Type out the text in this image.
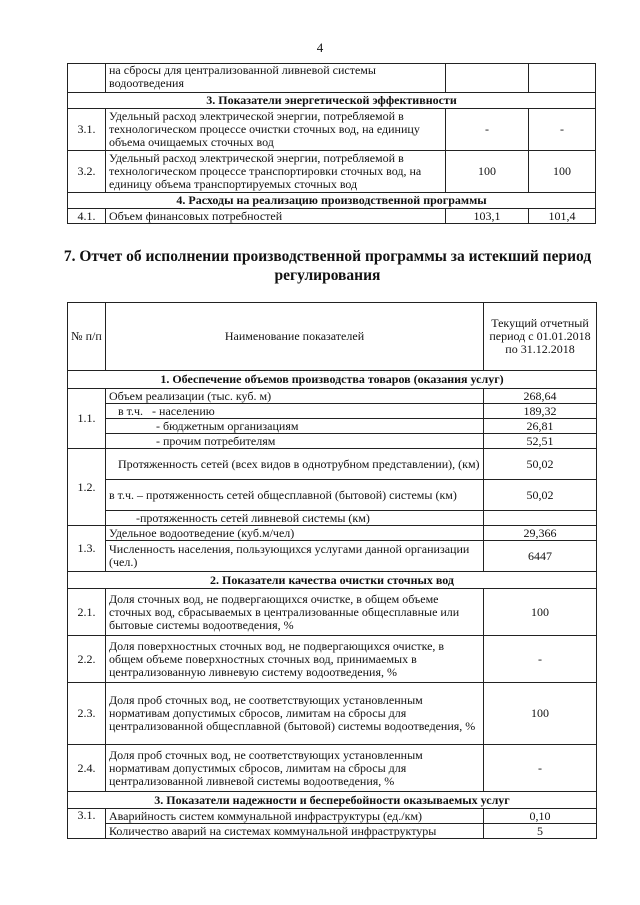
4
	на сбросы для централизованной ливневой системы водоотведения		
3. Показатели энергетической эффективности			
3.1.	Удельный расход электрической энергии, потребляемой в технологическом процессе очистки сточных вод, на единицу объема очищаемых сточных вод	-	-
3.2.	Удельный расход электрической энергии, потребляемой в технологическом процессе транспортировки сточных вод, на единицу объема транспортируемых сточных вод	100	100
4. Расходы на реализацию производственной программы			
4.1.	Объем финансовых потребностей	103,1	101,4
7. Отчет об исполнении производственной программы за истекший период регулирования
№ п/п	Наименование показателей	Текущий отчетный период с 01.01.2018 по 31.12.2018
1. Обеспечение объемов производства товаров (оказания услуг)		
1.1.	Объем реализации (тыс. куб. м)	268,64
	в т.ч. - населению	189,32
	- бюджетным организациям	26,81
	- прочим потребителям	52,51
1.2.	Протяженность сетей (всех видов в однотрубном представлении), (км)	50,02
	в т.ч. – протяженность сетей общесплавной (бытовой) системы (км)	50,02
	-протяженность сетей ливневой системы (км)	
1.3.	Удельное водоотведение (куб.м/чел)	29,366
	Численность населения, пользующихся услугами данной организации (чел.)	6447
2. Показатели качества очистки сточных вод		
2.1.	Доля сточных вод, не подвергающихся очистке, в общем объеме сточных вод, сбрасываемых в централизованные общесплавные или бытовые системы водоотведения, %	100
2.2.	Доля поверхностных сточных вод, не подвергающихся очистке, в общем объеме поверхностных сточных вод, принимаемых в централизованную ливневую систему водоотведения, %	-
2.3.	Доля проб сточных вод, не соответствующих установленным нормативам допустимых сбросов, лимитам на сбросы для централизованной общесплавной (бытовой) системы водоотведения, %	100
2.4.	Доля проб сточных вод, не соответствующих установленным нормативам допустимых сбросов, лимитам на сбросы для централизованной ливневой системы водоотведения, %	-
3. Показатели надежности и бесперебойности оказываемых услуг		
3.1.	Аварийность систем коммунальной инфраструктуры (ед./км)	0,10
	Количество аварий на системах коммунальной инфраструктуры	5
